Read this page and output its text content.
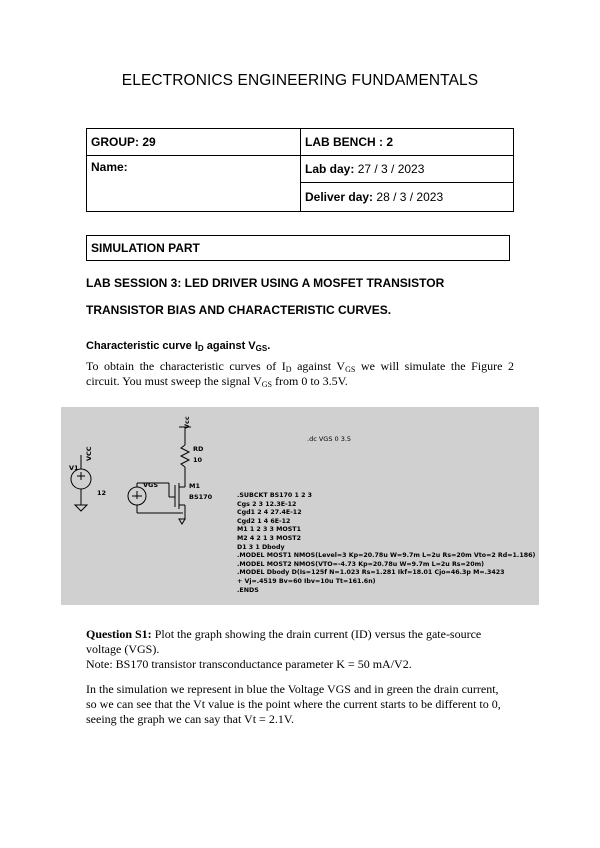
ELECTRONICS ENGINEERING FUNDAMENTALS
GROUP: 29	LAB BENCH : 2
Name:	Lab day: 27 / 3 / 2023
	Deliver day: 28 / 3 / 2023
SIMULATION PART
LAB SESSION 3: LED DRIVER USING A MOSFET TRANSISTOR
TRANSISTOR BIAS AND CHARACTERISTIC CURVES.
Characteristic curve $I_D$ against $V_{GS}$.
To obtain the characteristic curves of $I_D$ against $V_{GS}$ we will simulate the Figure 2
circuit. You must sweep the signal $V_{GS}$ from 0 to 3.5V.
Vcc
VCC
V1
12
VGS
RD
10
M1
BS170
.dc VGS 0 3.5
.SUBCKT BS170 1 2 3
Cgs 2 3 12.3E-12
Cgd1 2 4 27.4E-12
Cgd2 1 4 6E-12
M1 1 2 3 3 MOST1
M2 4 2 1 3 MOST2
D1 3 1 Dbody
.MODEL MOST1 NMOS(Level=3 Kp=20.78u W=9.7m L=2u Rs=20m Vto=2 Rd=1.186)
.MODEL MOST2 NMOS(VTO=-4.73 Kp=20.78u W=9.7m L=2u Rs=20m)
.MODEL Dbody D(Is=125f N=1.023 Rs=1.281 Ikf=18.01 Cjo=46.3p M=.3423
+ Vj=.4519 Bv=60 Ibv=10u Tt=161.6n)
.ENDS
Question S1: Plot the graph showing the drain current (ID) versus the gate-source
voltage (VGS).
Note: BS170 transistor transconductance parameter K = 50 mA/V2.
In the simulation we represent in blue the Voltage VGS and in green the drain current,
so we can see that the Vt value is the point where the current starts to be different to 0,
seeing the graph we can say that Vt = 2.1V.
